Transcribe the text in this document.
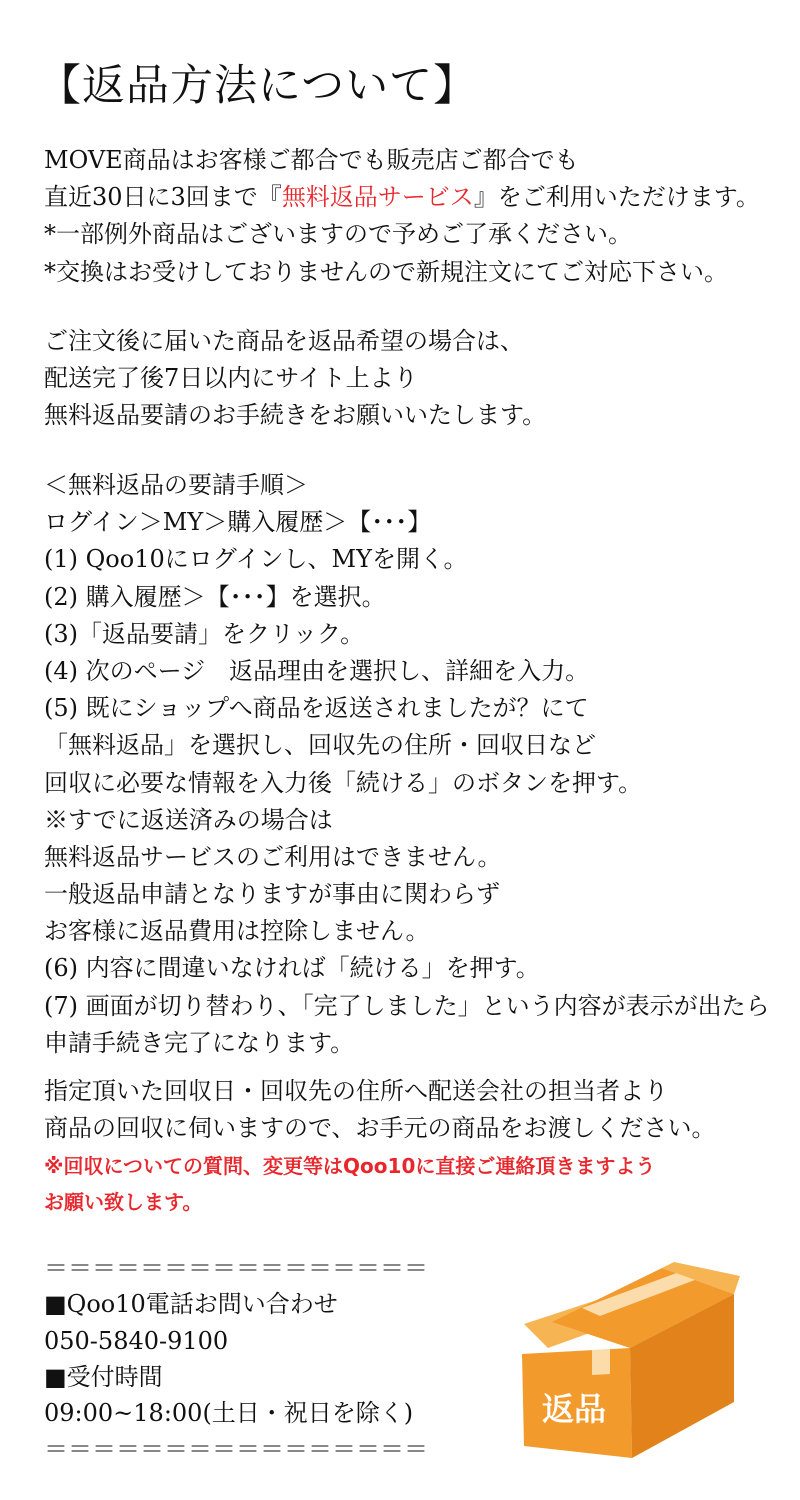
【返品方法について】
MOVE商品はお客様ご都合でも販売店ご都合でも
直近30日に3回まで『無料返品サービス』をご利用いただけます。
*一部例外商品はございますので予めご了承ください。
*交換はお受けしておりませんので新規注文にてご対応下さい。
ご注文後に届いた商品を返品希望の場合は、
配送完了後7日以内にサイト上より
無料返品要請のお手続きをお願いいたします。
＜無料返品の要請手順＞
ログイン＞MY＞購入履歴＞【･･･】
(1) Qoo10にログインし、MYを開く。
(2) 購入履歴＞【･･･】を選択。
(3)「返品要請」をクリック。
(4) 次のページ　返品理由を選択し、詳細を入力。
(5) 既にショップへ商品を返送されましたが？にて
「無料返品」を選択し、回収先の住所・回収日など
回収に必要な情報を入力後「続ける」のボタンを押す。
※すでに返送済みの場合は
無料返品サービスのご利用はできません。
一般返品申請となりますが事由に関わらず
お客様に返品費用は控除しません。
(6) 内容に間違いなければ「続ける」を押す。
(7) 画面が切り替わり、「完了しました」という内容が表示が出たら
申請手続き完了になります。
指定頂いた回収日・回収先の住所へ配送会社の担当者より
商品の回収に伺いますので、お手元の商品をお渡しください。
※回収についての質問、変更等はQoo10に直接ご連絡頂きますよう
お願い致します。
＝＝＝＝＝＝＝＝＝＝＝＝＝＝＝＝
■Qoo10電話お問い合わせ
050-5840-9100
■受付時間
09:00~18:00(土日・祝日を除く)
＝＝＝＝＝＝＝＝＝＝＝＝＝＝＝＝
返品
